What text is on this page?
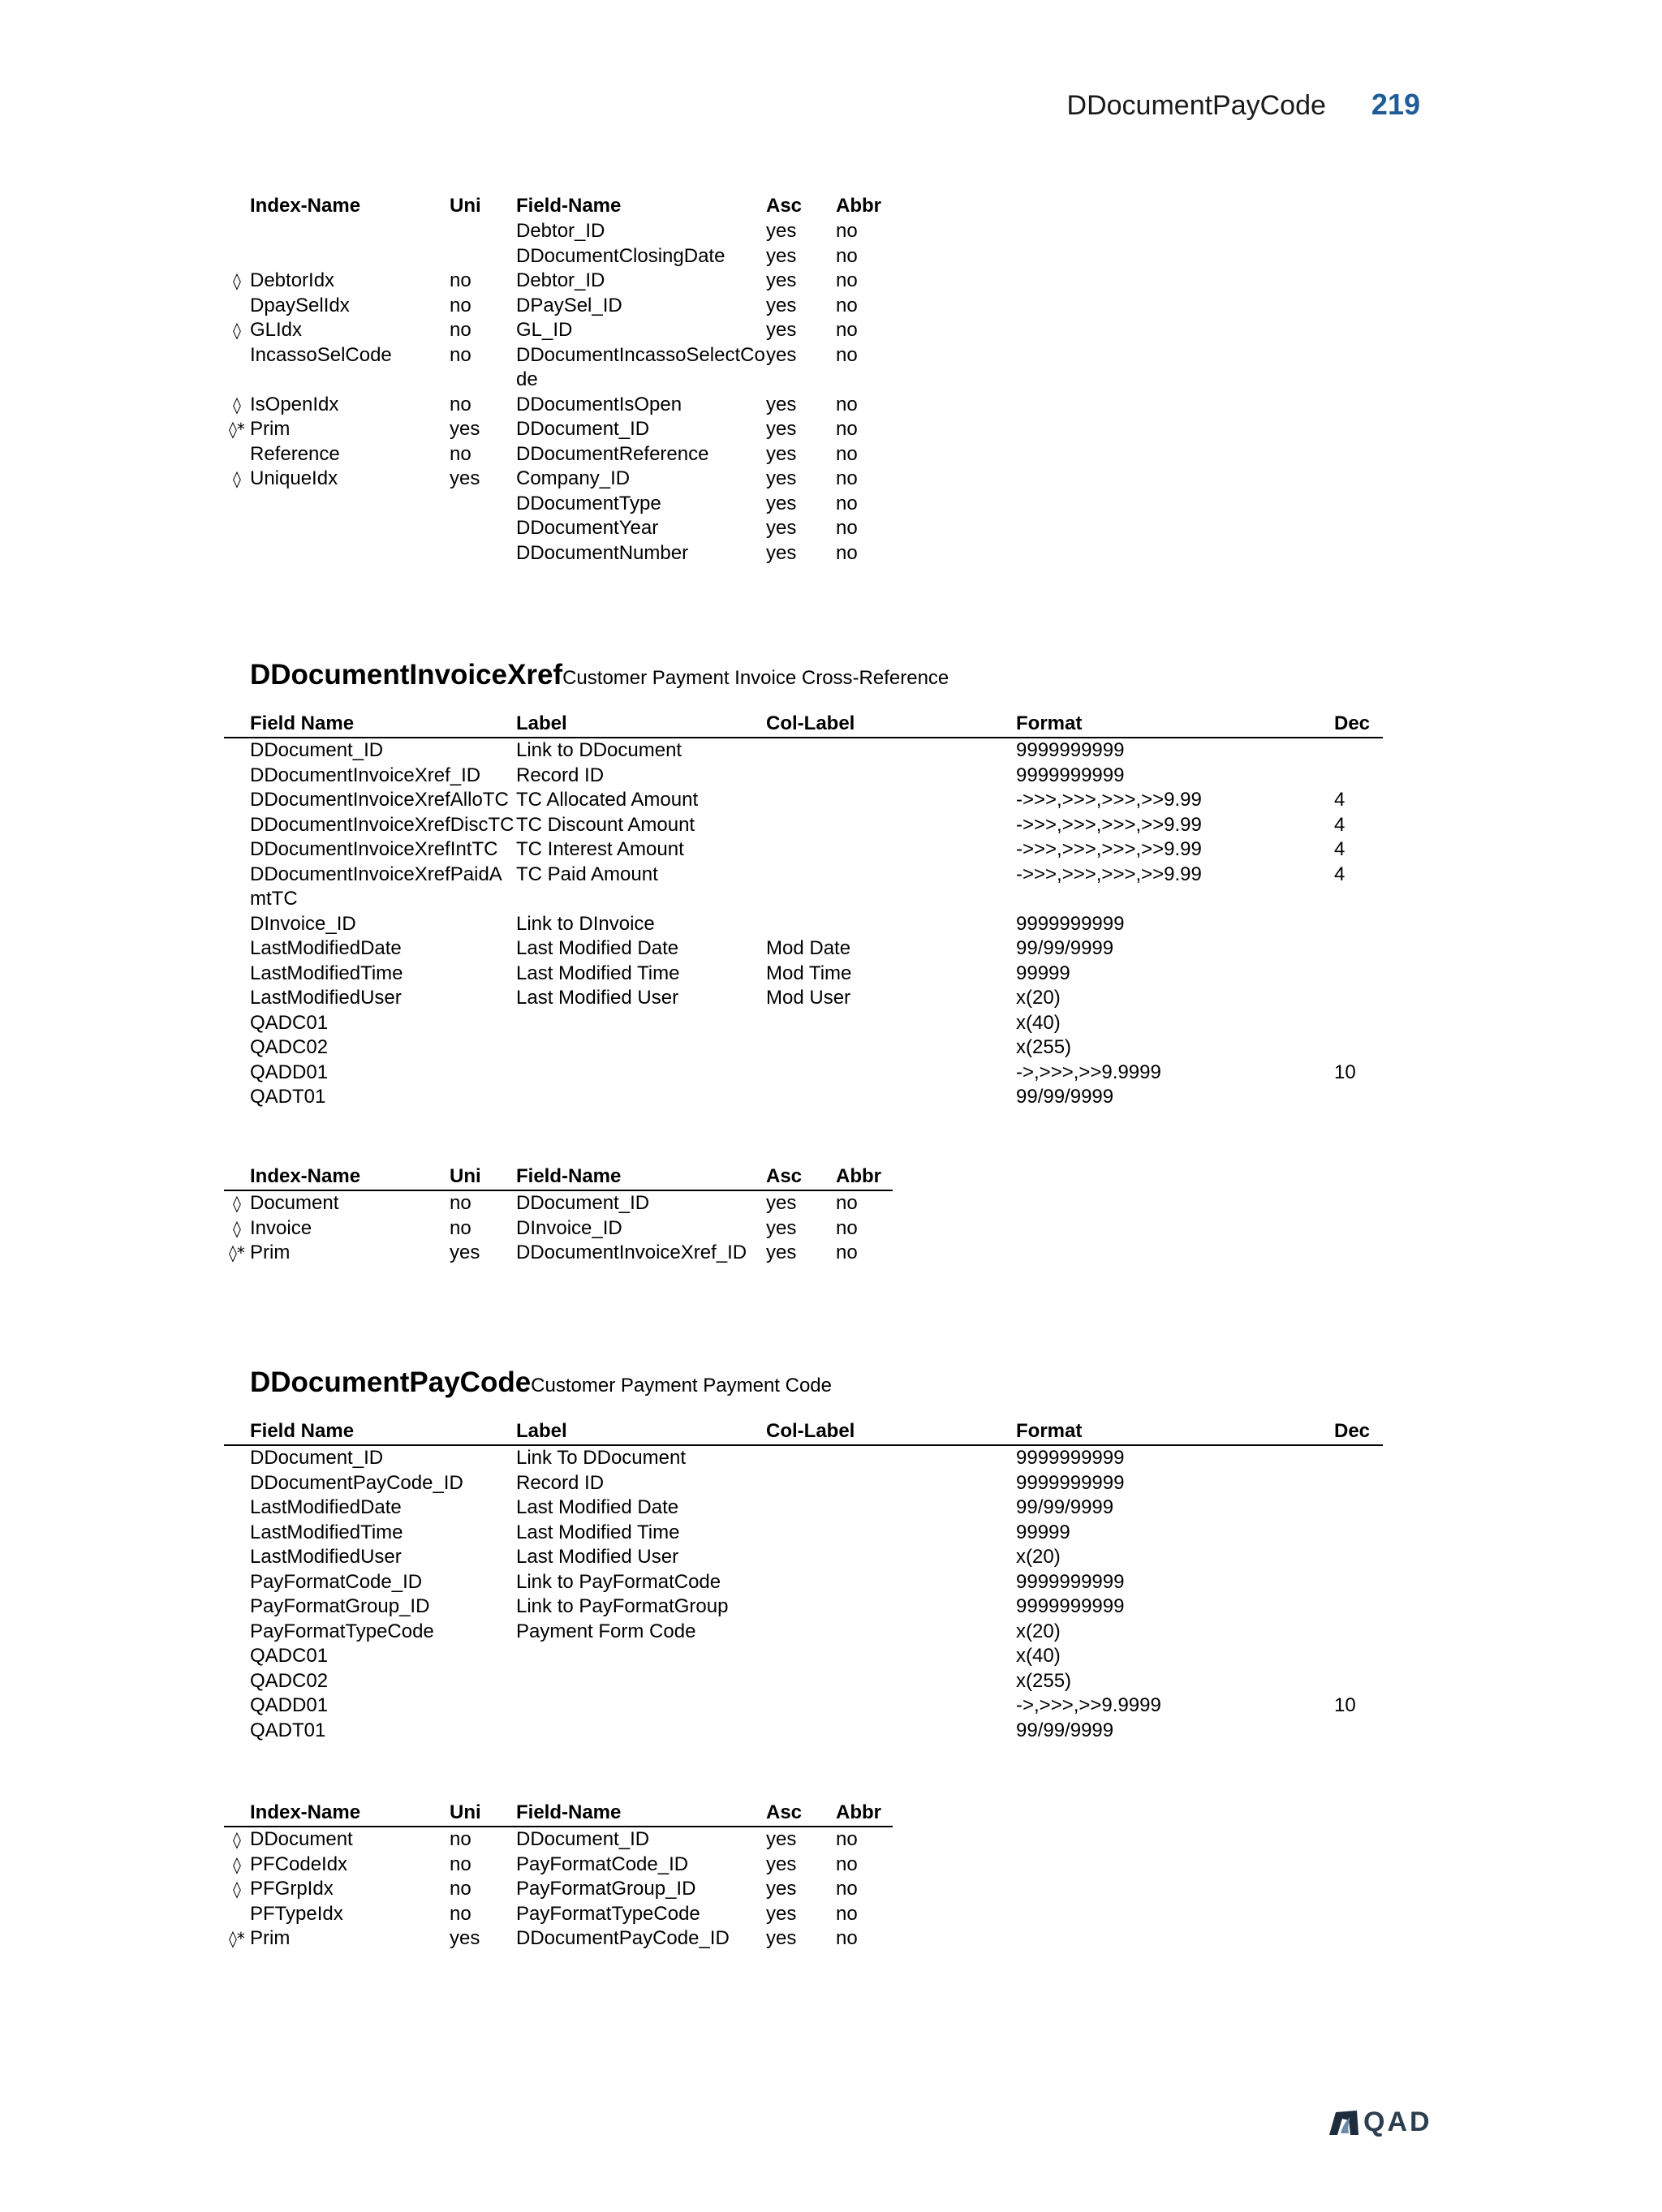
DDocumentPayCode 219
	Index-Name	Uni	Field-Name	Asc	Abbr
			Debtor_ID	yes	no
			DDocumentClosingDate	yes	no
◊	DebtorIdx	no	Debtor_ID	yes	no
	DpaySelIdx	no	DPaySel_ID	yes	no
◊	GLIdx	no	GL_ID	yes	no
	IncassoSelCode	no	DDocumentIncassoSelectCode	yes	no
◊	IsOpenIdx	no	DDocumentIsOpen	yes	no
◊*	Prim	yes	DDocument_ID	yes	no
	Reference	no	DDocumentReference	yes	no
◊	UniqueIdx	yes	Company_ID	yes	no
			DDocumentType	yes	no
			DDocumentYear	yes	no
			DDocumentNumber	yes	no
DDocumentInvoiceXrefCustomer Payment Invoice Cross-Reference
	Field Name	Label	Col-Label	Format	Dec
	DDocument_ID	Link to DDocument		9999999999	
	DDocumentInvoiceXref_ID	Record ID		9999999999	
	DDocumentInvoiceXrefAlloTC	TC Allocated Amount		->>>,>>>,>>>,>>9.99	4
	DDocumentInvoiceXrefDiscTC	TC Discount Amount		->>>,>>>,>>>,>>9.99	4
	DDocumentInvoiceXrefIntTC	TC Interest Amount		->>>,>>>,>>>,>>9.99	4
	DDocumentInvoiceXrefPaidAmtTC	TC Paid Amount		->>>,>>>,>>>,>>9.99	4
	DInvoice_ID	Link to DInvoice		9999999999	
	LastModifiedDate	Last Modified Date	Mod Date	99/99/9999	
	LastModifiedTime	Last Modified Time	Mod Time	99999	
	LastModifiedUser	Last Modified User	Mod User	x(20)	
	QADC01			x(40)	
	QADC02			x(255)	
	QADD01			->,>>>,>>9.9999	10
	QADT01			99/99/9999	
	Index-Name	Uni	Field-Name	Asc	Abbr
◊	Document	no	DDocument_ID	yes	no
◊	Invoice	no	DInvoice_ID	yes	no
◊*	Prim	yes	DDocumentInvoiceXref_ID	yes	no
DDocumentPayCodeCustomer Payment Payment Code
	Field Name	Label	Col-Label	Format	Dec
	DDocument_ID	Link To DDocument		9999999999	
	DDocumentPayCode_ID	Record ID		9999999999	
	LastModifiedDate	Last Modified Date		99/99/9999	
	LastModifiedTime	Last Modified Time		99999	
	LastModifiedUser	Last Modified User		x(20)	
	PayFormatCode_ID	Link to PayFormatCode		9999999999	
	PayFormatGroup_ID	Link to PayFormatGroup		9999999999	
	PayFormatTypeCode	Payment Form Code		x(20)	
	QADC01			x(40)	
	QADC02			x(255)	
	QADD01			->,>>>,>>9.9999	10
	QADT01			99/99/9999	
	Index-Name	Uni	Field-Name	Asc	Abbr
◊	DDocument	no	DDocument_ID	yes	no
◊	PFCodeIdx	no	PayFormatCode_ID	yes	no
◊	PFGrpIdx	no	PayFormatGroup_ID	yes	no
	PFTypeIdx	no	PayFormatTypeCode	yes	no
◊*	Prim	yes	DDocumentPayCode_ID	yes	no
QAD
